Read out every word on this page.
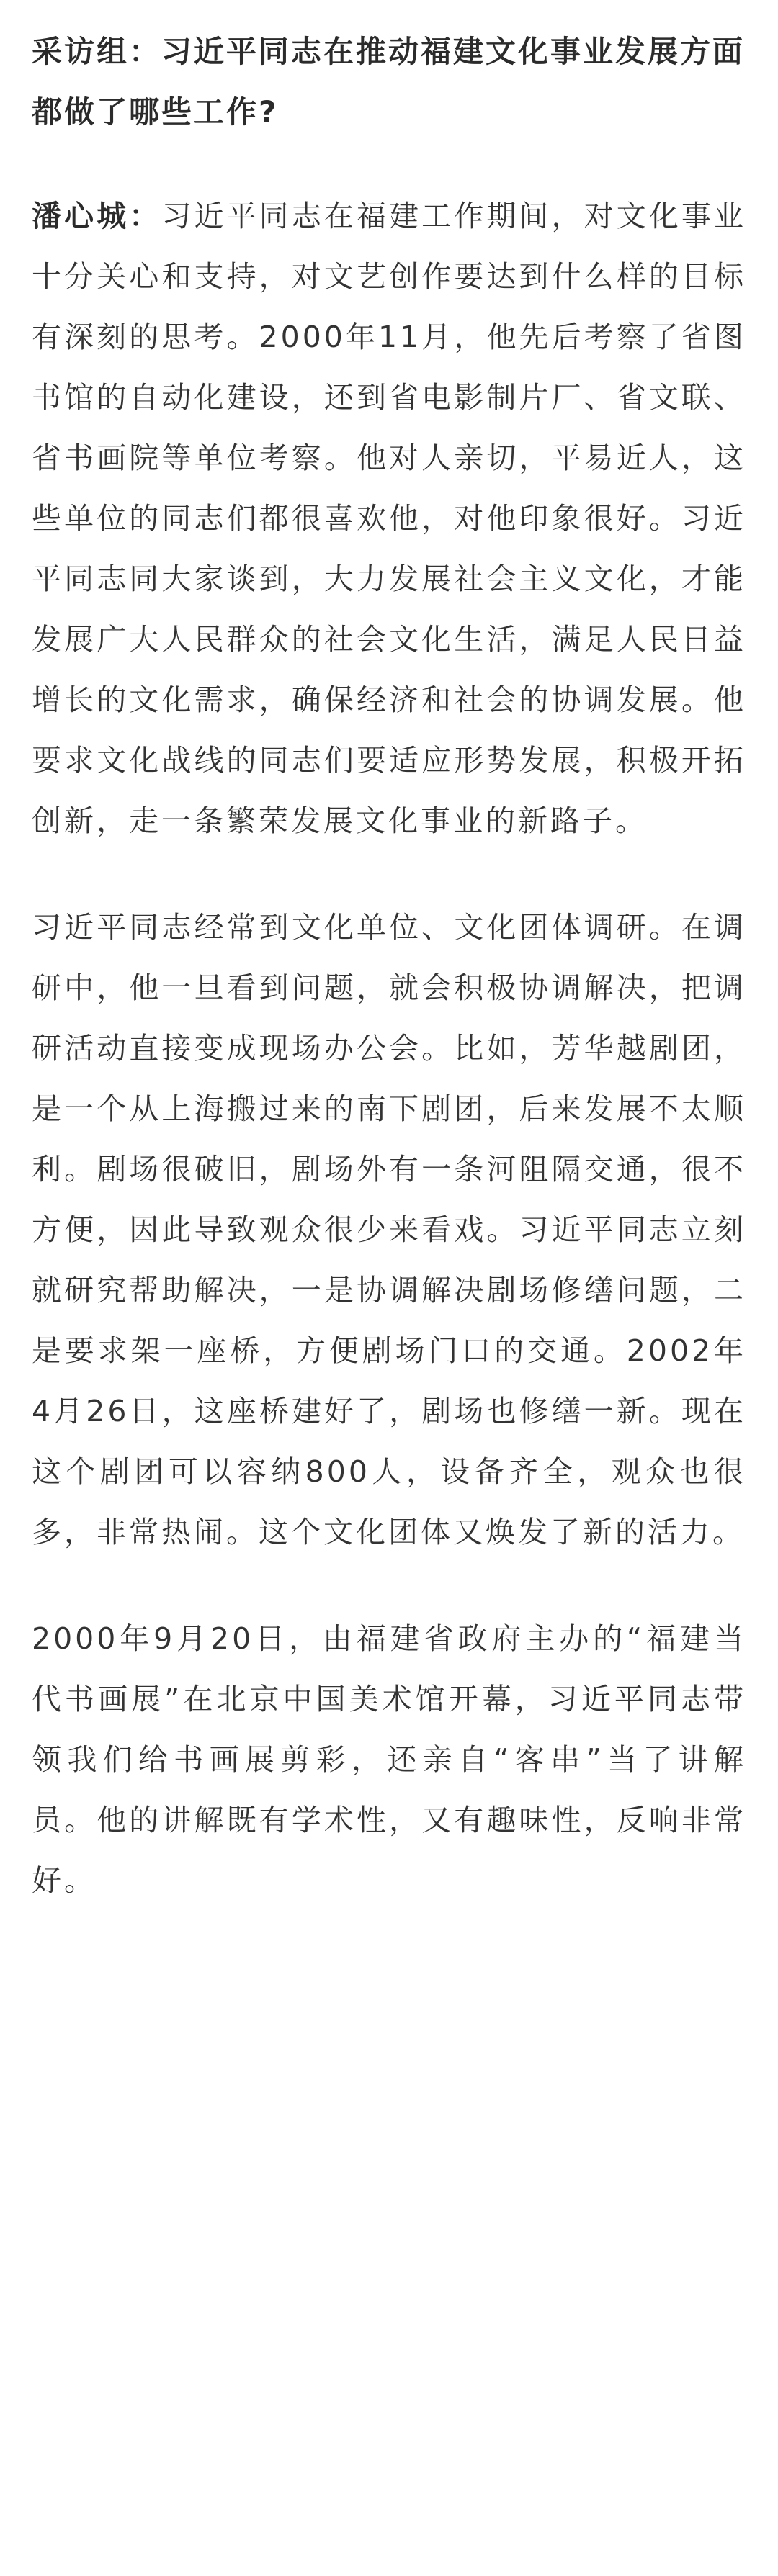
采访组：习近平同志在推动福建文化事业发展方面都做了哪些工作?

潘心城：习近平同志在福建工作期间，对文化事业十分关心和支持，对文艺创作要达到什么样的目标有深刻的思考。2000年11月，他先后考察了省图书馆的自动化建设，还到省电影制片厂、省文联、省书画院等单位考察。他对人亲切，平易近人，这些单位的同志们都很喜欢他，对他印象很好。习近平同志同大家谈到，大力发展社会主义文化，才能发展广大人民群众的社会文化生活，满足人民日益增长的文化需求，确保经济和社会的协调发展。他要求文化战线的同志们要适应形势发展，积极开拓创新，走一条繁荣发展文化事业的新路子。

习近平同志经常到文化单位、文化团体调研。在调研中，他一旦看到问题，就会积极协调解决，把调研活动直接变成现场办公会。比如，芳华越剧团，是一个从上海搬过来的南下剧团，后来发展不太顺利。剧场很破旧，剧场外有一条河阻隔交通，很不方便，因此导致观众很少来看戏。习近平同志立刻就研究帮助解决，一是协调解决剧场修缮问题，二是要求架一座桥，方便剧场门口的交通。2002年4月26日，这座桥建好了，剧场也修缮一新。现在这个剧团可以容纳800人，设备齐全，观众也很多，非常热闹。这个文化团体又焕发了新的活力。

2000年9月20日，由福建省政府主办的“福建当代书画展”在北京中国美术馆开幕，习近平同志带领我们给书画展剪彩，还亲自“客串”当了讲解员。他的讲解既有学术性，又有趣味性，反响非常好。
